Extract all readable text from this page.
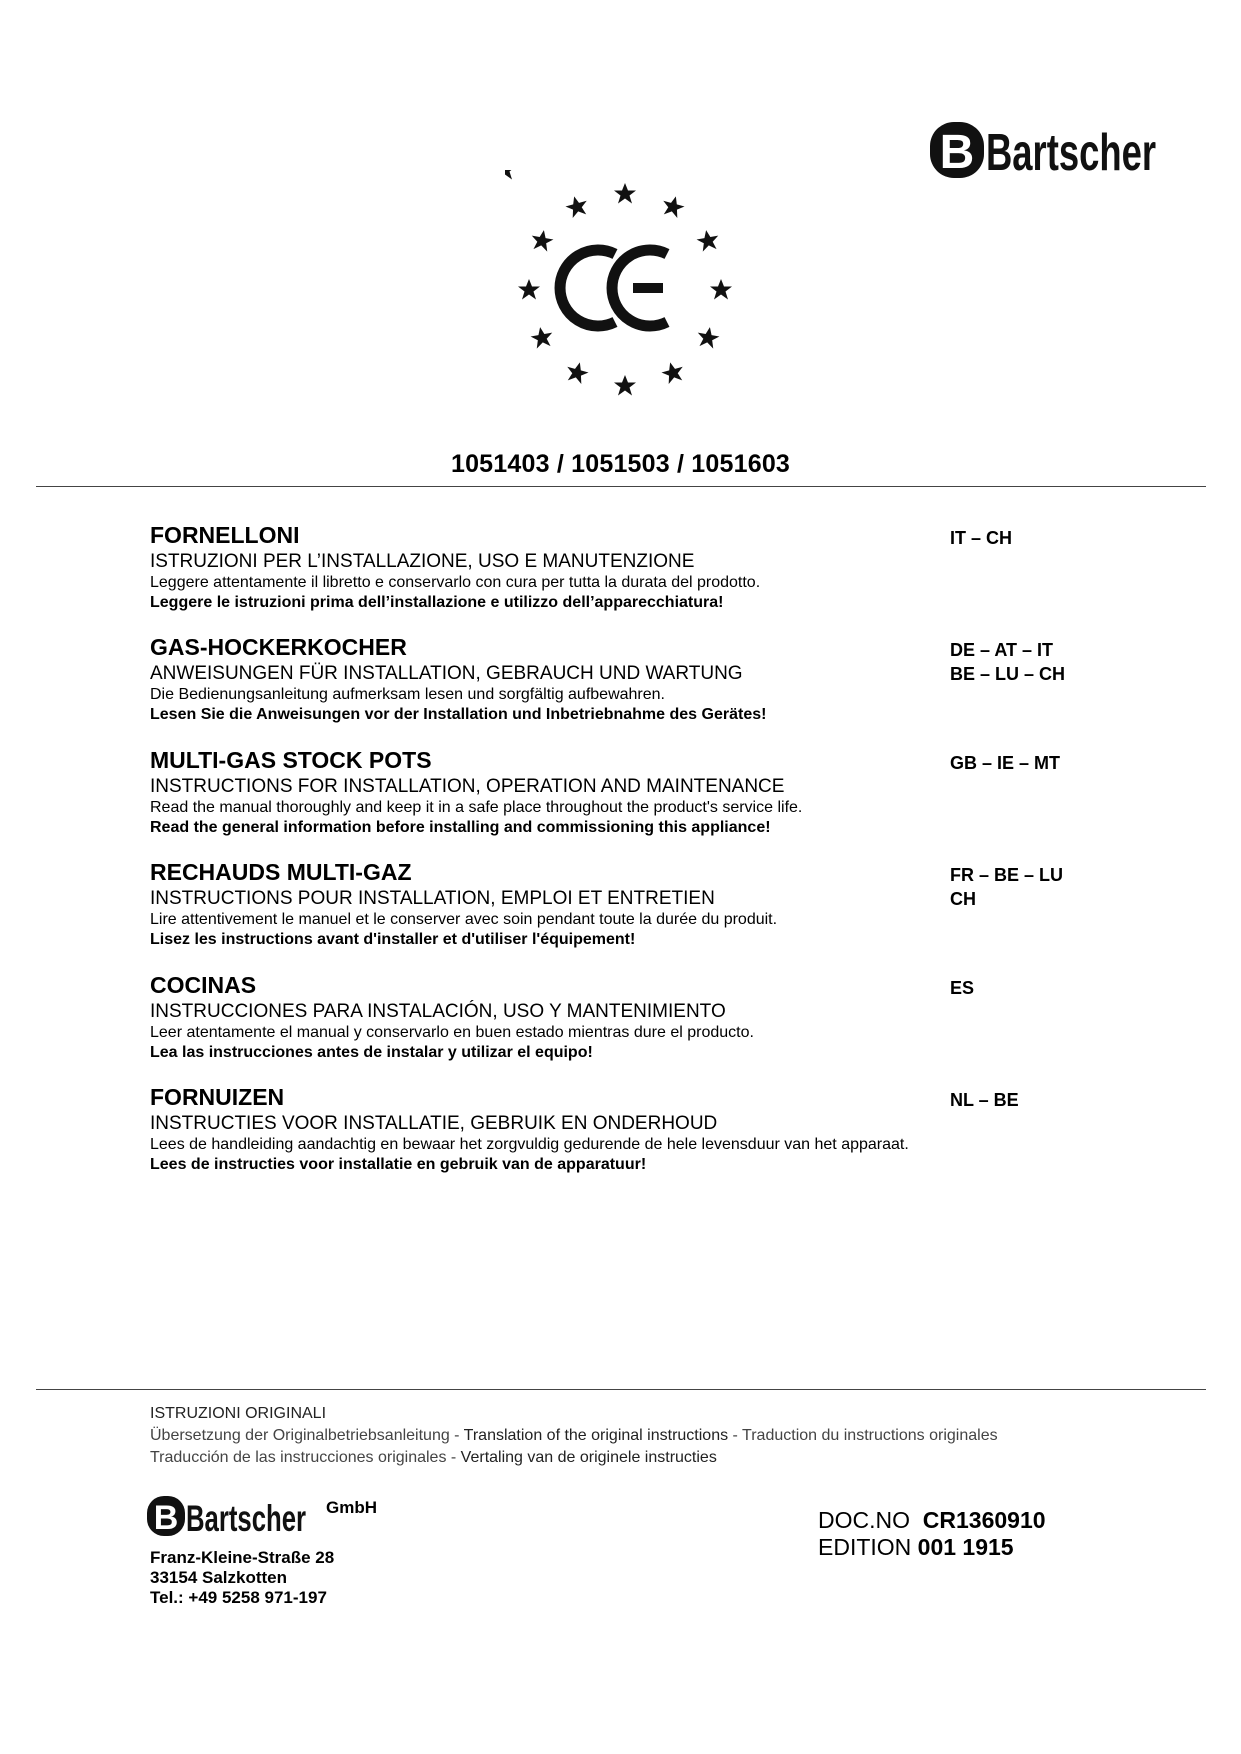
B Bartscher
1051403 / 1051503 / 1051603
FORNELLONI
ISTRUZIONI PER L’INSTALLAZIONE, USO E MANUTENZIONE
Leggere attentamente il libretto e conservarlo con cura per tutta la durata del prodotto.
Leggere le istruzioni prima dell’installazione e utilizzo dell’apparecchiatura!
IT – CH
GAS-HOCKERKOCHER
ANWEISUNGEN FÜR INSTALLATION, GEBRAUCH UND WARTUNG
Die Bedienungsanleitung aufmerksam lesen und sorgfältig aufbewahren.
Lesen Sie die Anweisungen vor der Installation und Inbetriebnahme des Gerätes!
DE – AT – IT
BE – LU – CH
MULTI-GAS STOCK POTS
INSTRUCTIONS FOR INSTALLATION, OPERATION AND MAINTENANCE
Read the manual thoroughly and keep it in a safe place throughout the product's service life.
Read the general information before installing and commissioning this appliance!
GB – IE – MT
RECHAUDS MULTI-GAZ
INSTRUCTIONS POUR INSTALLATION, EMPLOI ET ENTRETIEN
Lire attentivement le manuel et le conserver avec soin pendant toute la durée du produit.
Lisez les instructions avant d'installer et d'utiliser l'équipement!
FR – BE – LU
CH
COCINAS
INSTRUCCIONES PARA INSTALACIÓN, USO Y MANTENIMIENTO
Leer atentamente el manual y conservarlo en buen estado mientras dure el producto.
Lea las instrucciones antes de instalar y utilizar el equipo!
ES
FORNUIZEN
INSTRUCTIES VOOR INSTALLATIE, GEBRUIK EN ONDERHOUD
Lees de handleiding aandachtig en bewaar het zorgvuldig gedurende de hele levensduur van het apparaat.
Lees de instructies voor installatie en gebruik van de apparatuur!
NL – BE
ISTRUZIONI ORIGINALI
Übersetzung der Originalbetriebsanleitung - Translation of the original instructions - Traduction du instructions originales
Traducción de las instrucciones originales - Vertaling van de originele instructies
B Bartscher GmbH
Franz-Kleine-Straße 28
33154 Salzkotten
Tel.: +49 5258 971-197
DOC.NO CR1360910
EDITION 001 1915
